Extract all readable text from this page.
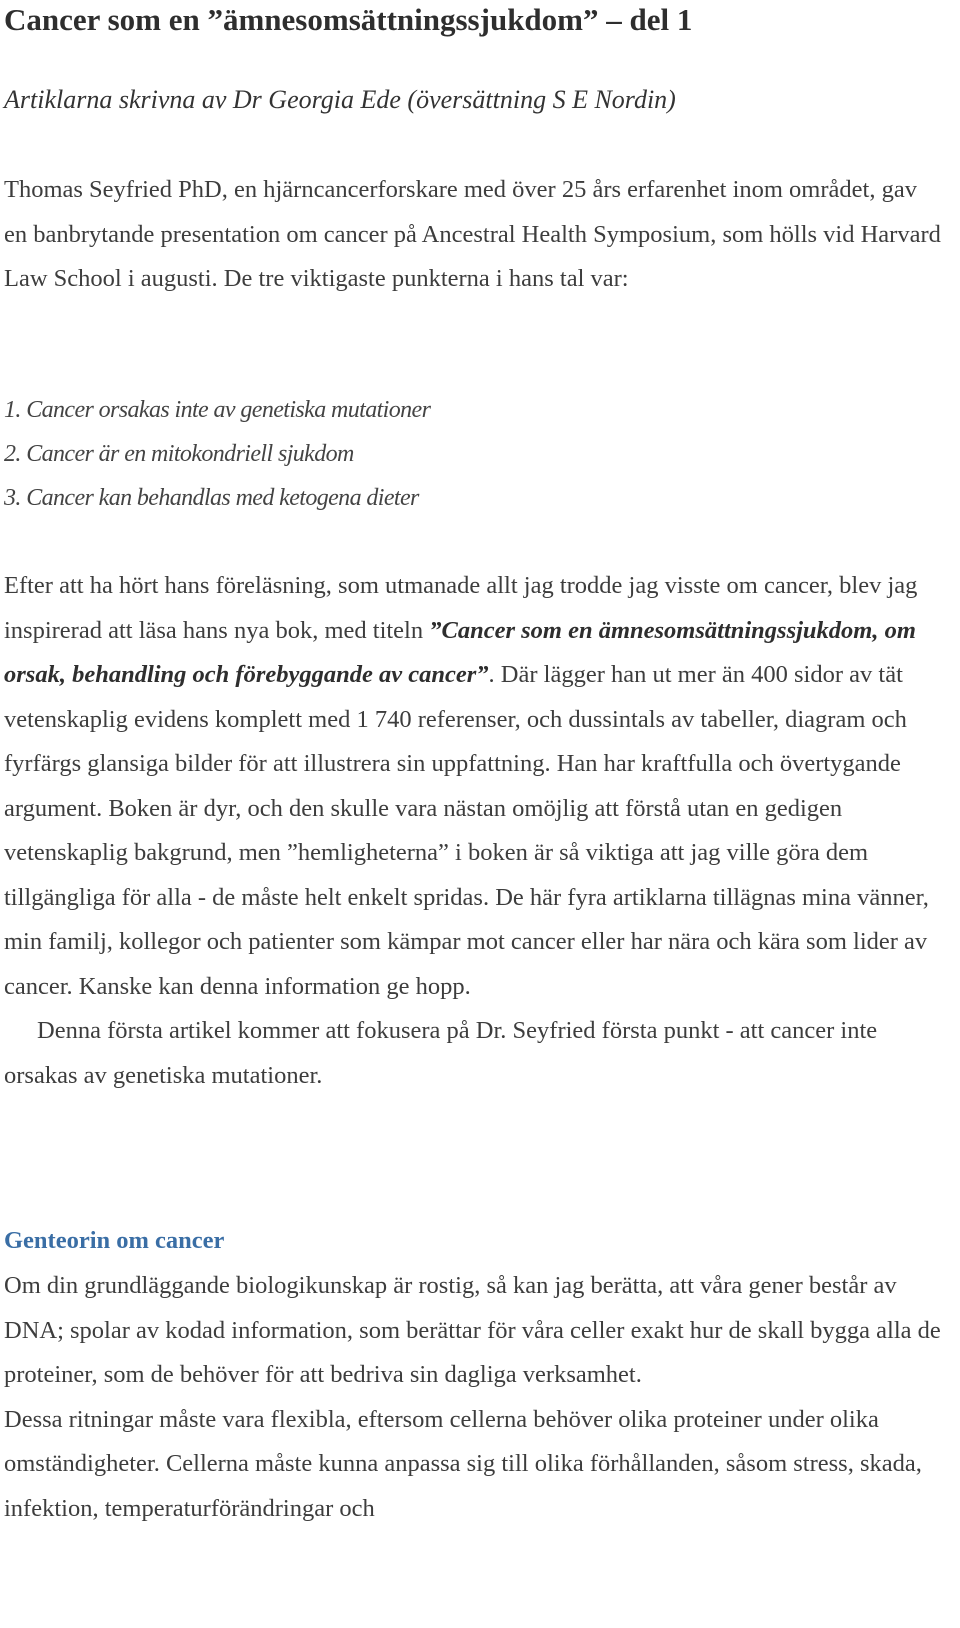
Cancer som en ”ämnesomsättningssjukdom” – del 1

Artiklarna skrivna av Dr Georgia Ede (översättning S E Nordin)

Thomas Seyfried PhD, en hjärncancerforskare med över 25 års erfarenhet inom området, gav en banbrytande presentation om cancer på Ancestral Health Symposium, som hölls vid Harvard Law School i augusti. De tre viktigaste punkterna i hans tal var:

1. Cancer orsakas inte av genetiska mutationer
2. Cancer är en mitokondriell sjukdom
3. Cancer kan behandlas med ketogena dieter

Efter att ha hört hans föreläsning, som utmanade allt jag trodde jag visste om cancer, blev jag inspirerad att läsa hans nya bok, med titeln ”Cancer som en ämnesomsättningssjukdom, om orsak, behandling och förebyggande av cancer”. Där lägger han ut mer än 400 sidor av tät vetenskaplig evidens komplett med 1 740 referenser, och dussintals av tabeller, diagram och fyrfärgs glansiga bilder för att illustrera sin uppfattning. Han har kraftfulla och övertygande argument. Boken är dyr, och den skulle vara nästan omöjlig att förstå utan en gedigen vetenskaplig bakgrund, men ”hemligheterna” i boken är så viktiga att jag ville göra dem tillgängliga för alla - de måste helt enkelt spridas. De här fyra artiklarna tillägnas mina vänner, min familj, kollegor och patienter som kämpar mot cancer eller har nära och kära som lider av cancer. Kanske kan denna information ge hopp.
Denna första artikel kommer att fokusera på Dr. Seyfried första punkt - att cancer inte orsakas av genetiska mutationer.

Genteorin om cancer

Om din grundläggande biologikunskap är rostig, så kan jag berätta, att våra gener består av DNA; spolar av kodad information, som berättar för våra celler exakt hur de skall bygga alla de proteiner, som de behöver för att bedriva sin dagliga verksamhet.
Dessa ritningar måste vara flexibla, eftersom cellerna behöver olika proteiner under olika omständigheter. Cellerna måste kunna anpassa sig till olika förhållanden, såsom stress, skada, infektion, temperaturförändringar och
